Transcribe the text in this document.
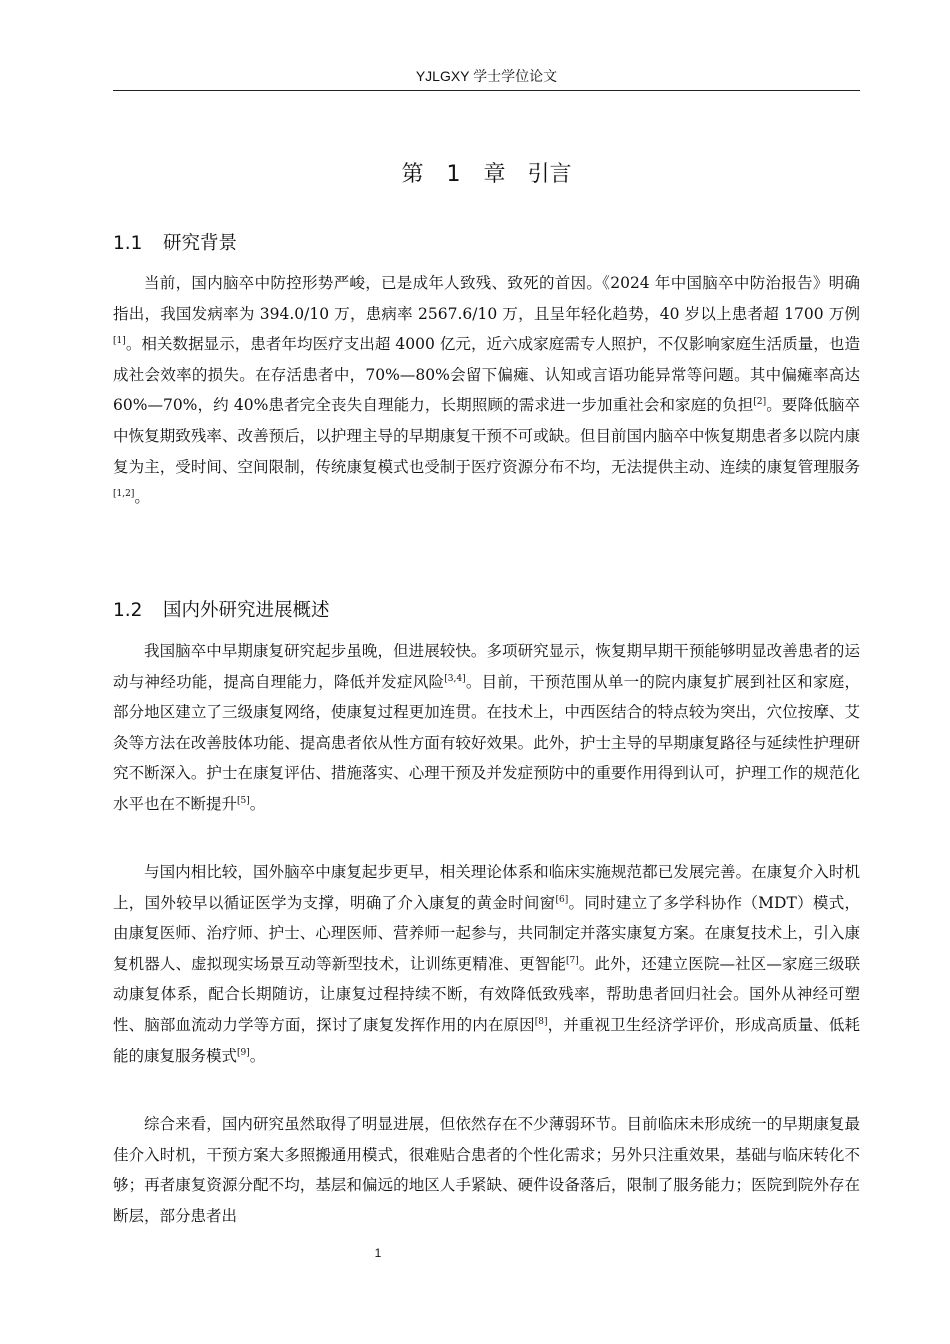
YJLGXY 学士学位论文
第 1 章　引言
1.1 研究背景

当前，国内脑卒中防控形势严峻，已是成年人致残、致死的首因。《2024 年中国脑卒中防治报告》明确指出，我国发病率为 394.0/10 万，患病率 2567.6/10 万，且呈年轻化趋势，40 岁以上患者超 1700 万例[1]。相关数据显示，患者年均医疗支出超 4000 亿元，近六成家庭需专人照护，不仅影响家庭生活质量，也造成社会效率的损失。在存活患者中，70%—80%会留下偏瘫、认知或言语功能异常等问题。其中偏瘫率高达 60%—70%，约 40%患者完全丧失自理能力，长期照顾的需求进一步加重社会和家庭的负担[2]。要降低脑卒中恢复期致残率、改善预后，以护理主导的早期康复干预不可或缺。但目前国内脑卒中恢复期患者多以院内康复为主，受时间、空间限制，传统康复模式也受制于医疗资源分布不均，无法提供主动、连续的康复管理服务[1,2]。

1.2 国内外研究进展概述

我国脑卒中早期康复研究起步虽晚，但进展较快。多项研究显示，恢复期早期干预能够明显改善患者的运动与神经功能，提高自理能力，降低并发症风险[3,4]。目前，干预范围从单一的院内康复扩展到社区和家庭，部分地区建立了三级康复网络，使康复过程更加连贯。在技术上，中西医结合的特点较为突出，穴位按摩、艾灸等方法在改善肢体功能、提高患者依从性方面有较好效果。此外，护士主导的早期康复路径与延续性护理研究不断深入。护士在康复评估、措施落实、心理干预及并发症预防中的重要作用得到认可，护理工作的规范化水平也在不断提升[5]。

与国内相比较，国外脑卒中康复起步更早，相关理论体系和临床实施规范都已发展完善。在康复介入时机上，国外较早以循证医学为支撑，明确了介入康复的黄金时间窗[6]。同时建立了多学科协作（MDT）模式，由康复医师、治疗师、护士、心理医师、营养师一起参与，共同制定并落实康复方案。在康复技术上，引入康复机器人、虚拟现实场景互动等新型技术，让训练更精准、更智能[7]。此外，还建立医院—社区—家庭三级联动康复体系，配合长期随访，让康复过程持续不断，有效降低致残率，帮助患者回归社会。国外从神经可塑性、脑部血流动力学等方面，探讨了康复发挥作用的内在原因[8]，并重视卫生经济学评价，形成高质量、低耗能的康复服务模式[9]。

综合来看，国内研究虽然取得了明显进展，但依然存在不少薄弱环节。目前临床未形成统一的早期康复最佳介入时机，干预方案大多照搬通用模式，很难贴合患者的个性化需求；另外只注重效果，基础与临床转化不够；再者康复资源分配不均，基层和偏远的地区人手紧缺、硬件设备落后，限制了服务能力；医院到院外存在断层，部分患者出

1
